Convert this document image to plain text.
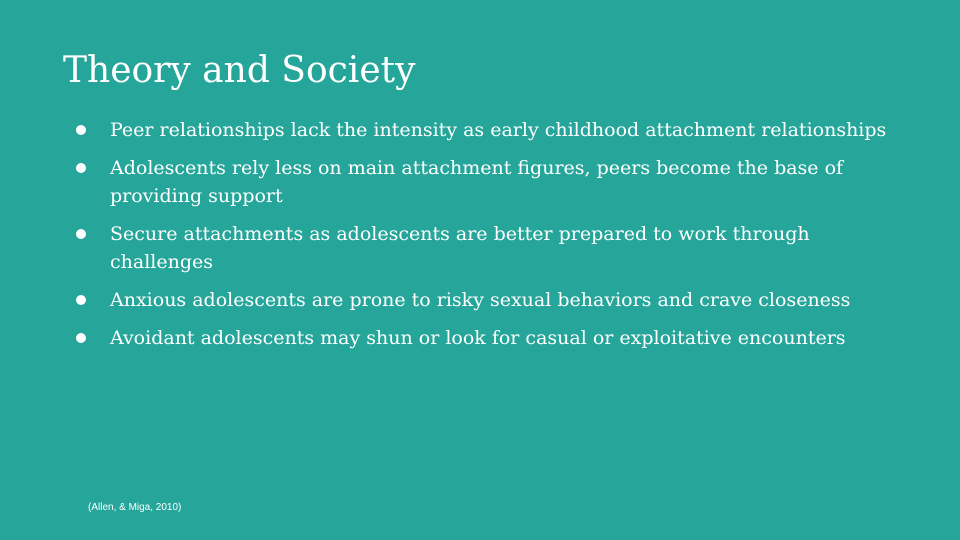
Theory and Society
Peer relationships lack the intensity as early childhood attachment relationships
Adolescents rely less on main attachment figures, peers become the base of providing support
Secure attachments as adolescents are better prepared to work through challenges
Anxious adolescents are prone to risky sexual behaviors and crave closeness
Avoidant adolescents may shun or look for casual or exploitative encounters

(Allen, & Miga, 2010)
